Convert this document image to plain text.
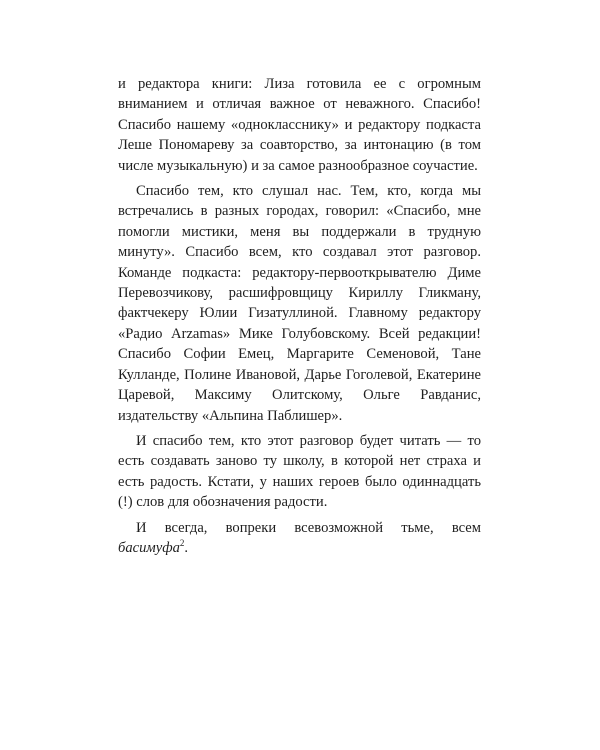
и редактора книги: Лиза готовила ее с огромным вниманием и отличая важное от неважного. Спасибо! Спасибо нашему «однокласснику» и редактору подкаста Леше Пономареву за соавторство, за интонацию (в том числе музыкальную) и за самое разнообразное соучастие.

Спасибо тем, кто слушал нас. Тем, кто, когда мы встречались в разных городах, говорил: «Спасибо, мне помогли мистики, меня вы поддержали в трудную минуту». Спасибо всем, кто создавал этот разговор. Команде подкаста: редактору-первооткрывателю Диме Перевозчикову, расшифровщицу Кириллу Гликману, фактчекеру Юлии Гизатуллиной. Главному редактору «Радио Arzamas» Мике Голубовскому. Всей редакции! Спасибо Софии Емец, Маргарите Семеновой, Тане Кулланде, Полине Ивановой, Дарье Гоголевой, Екатерине Царевой, Максиму Олитскому, Ольге Равданис, издательству «Альпина Паблишер».

И спасибо тем, кто этот разговор будет читать — то есть создавать заново ту школу, в которой нет страха и есть радость. Кстати, у наших героев было одиннадцать (!) слов для обозначения радости.

И всегда, вопреки всевозможной тьме, всем басимуфа$^2$.
